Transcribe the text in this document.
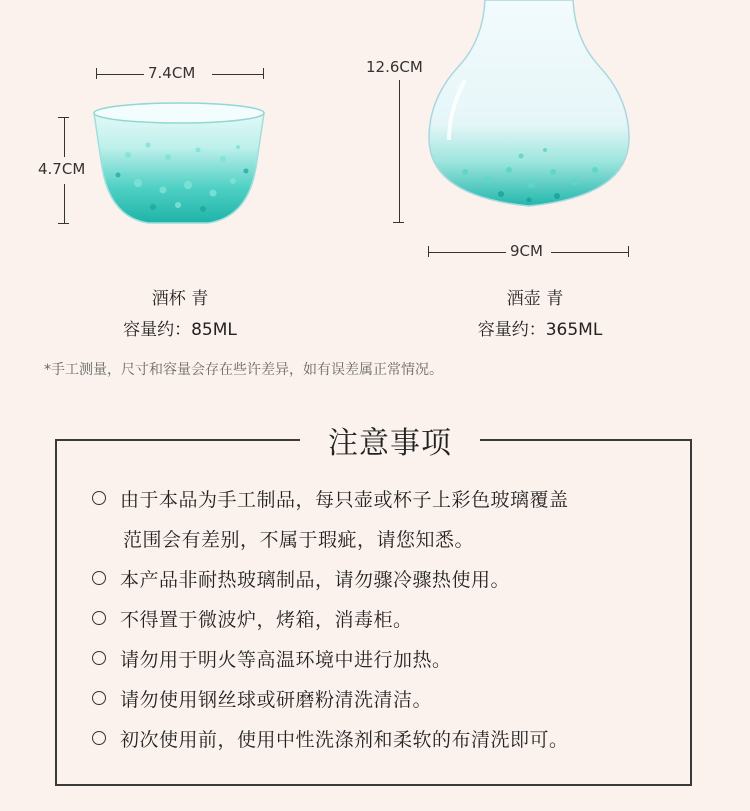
7.4CM
4.7CM
酒杯 青
容量约：85ML
12.6CM
9CM
酒壶 青
容量约：365ML
*手工测量，尺寸和容量会存在些许差异，如有误差属正常情况。
注意事项
由于本品为手工制品，每只壶或杯子上彩色玻璃覆盖
范围会有差别，不属于瑕疵，请您知悉。
本产品非耐热玻璃制品，请勿骤冷骤热使用。
不得置于微波炉，烤箱，消毒柜。
请勿用于明火等高温环境中进行加热。
请勿使用钢丝球或研磨粉清洗清洁。
初次使用前，使用中性洗涤剂和柔软的布清洗即可。
